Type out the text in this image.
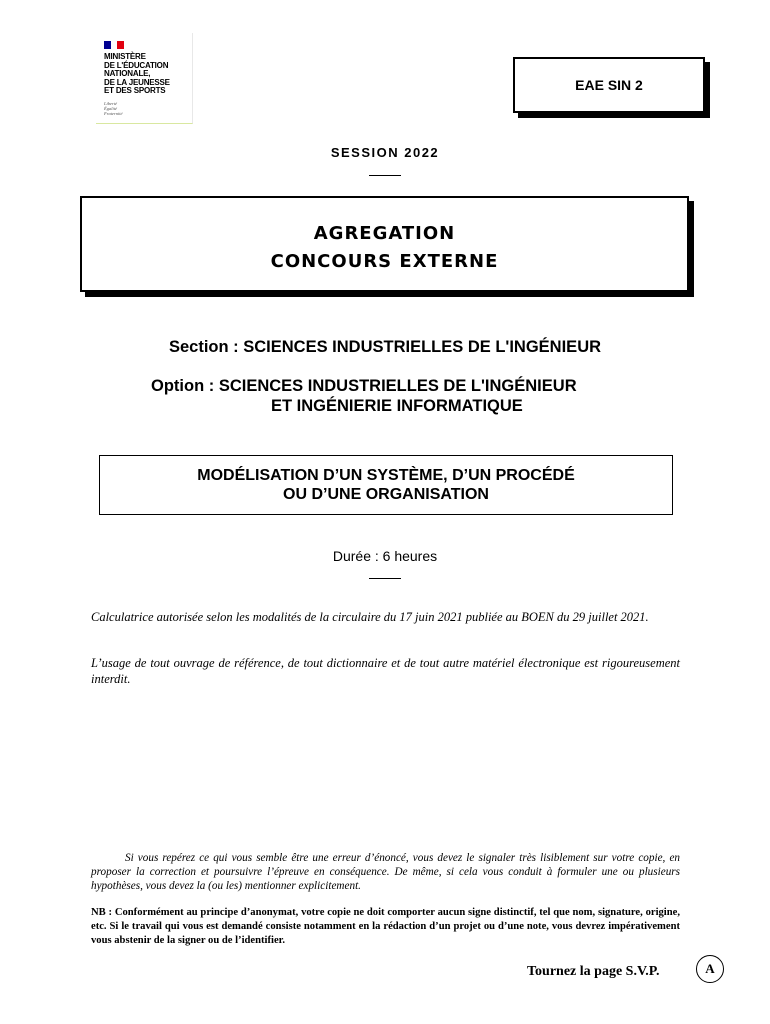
MINISTÈRE
DE L'ÉDUCATION
NATIONALE,
DE LA JEUNESSE
ET DES SPORTS
Liberté
Égalité
Fraternité
EAE SIN 2
SESSION 2022
AGREGATION
CONCOURS EXTERNE
Section : SCIENCES INDUSTRIELLES DE L'INGÉNIEUR
Option : SCIENCES INDUSTRIELLES DE L'INGÉNIEUR
ET INGÉNIERIE INFORMATIQUE
MODÉLISATION D’UN SYSTÈME, D’UN PROCÉDÉ
OU D’UNE ORGANISATION
Durée : 6 heures
Calculatrice autorisée selon les modalités de la circulaire du 17 juin 2021 publiée au BOEN du 29 juillet 2021.
L’usage de tout ouvrage de référence, de tout dictionnaire et de tout autre matériel électronique est rigoureusement interdit.
Si vous repérez ce qui vous semble être une erreur d’énoncé, vous devez le signaler très lisiblement sur votre copie, en proposer la correction et poursuivre l’épreuve en conséquence. De même, si cela vous conduit à formuler une ou plusieurs hypothèses, vous devez la (ou les) mentionner explicitement.
NB : Conformément au principe d’anonymat, votre copie ne doit comporter aucun signe distinctif, tel que nom, signature, origine, etc. Si le travail qui vous est demandé consiste notamment en la rédaction d’un projet ou d’une note, vous devrez impérativement vous abstenir de la signer ou de l’identifier.
Tournez la page S.V.P.	A
